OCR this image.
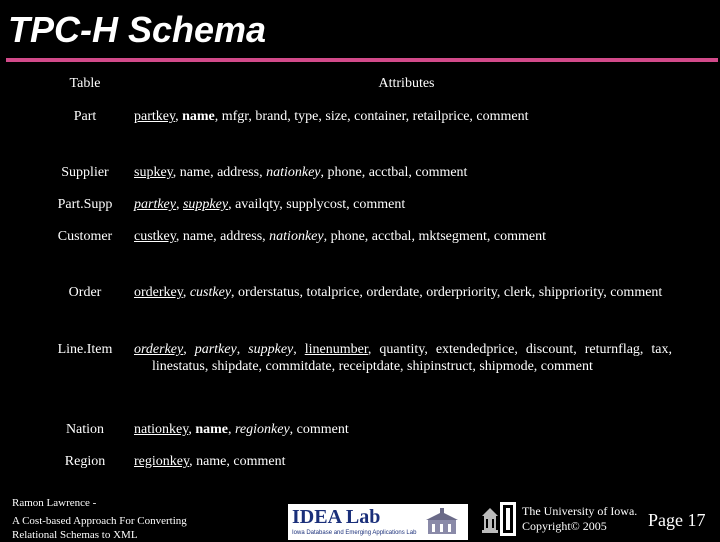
TPC-H Schema
Table	Attributes
Part	partkey, name, mfgr, brand, type, size, container, retailprice, comment
Supplier	supkey, name, address, nationkey, phone, acctbal, comment
Part.Supp	partkey, suppkey, availqty, supplycost, comment
Customer	custkey, name, address, nationkey, phone, acctbal, mktsegment, comment
Order	orderkey, custkey, orderstatus, totalprice, orderdate, orderpriority, clerk, shippriority, comment
Line.Item	orderkey, partkey, suppkey, linenumber, quantity, extendedprice, discount, returnflag, tax, linestatus, shipdate, commitdate, receiptdate, shipinstruct, shipmode, comment
Nation	nationkey, name, regionkey, comment
Region	regionkey, name, comment
Ramon Lawrence -
A Cost-based Approach For Converting
Relational Schemas to XML
IDEA Lab
Iowa Database and Emerging Applications Lab
The University of Iowa.
Copyright© 2005	Page 17
